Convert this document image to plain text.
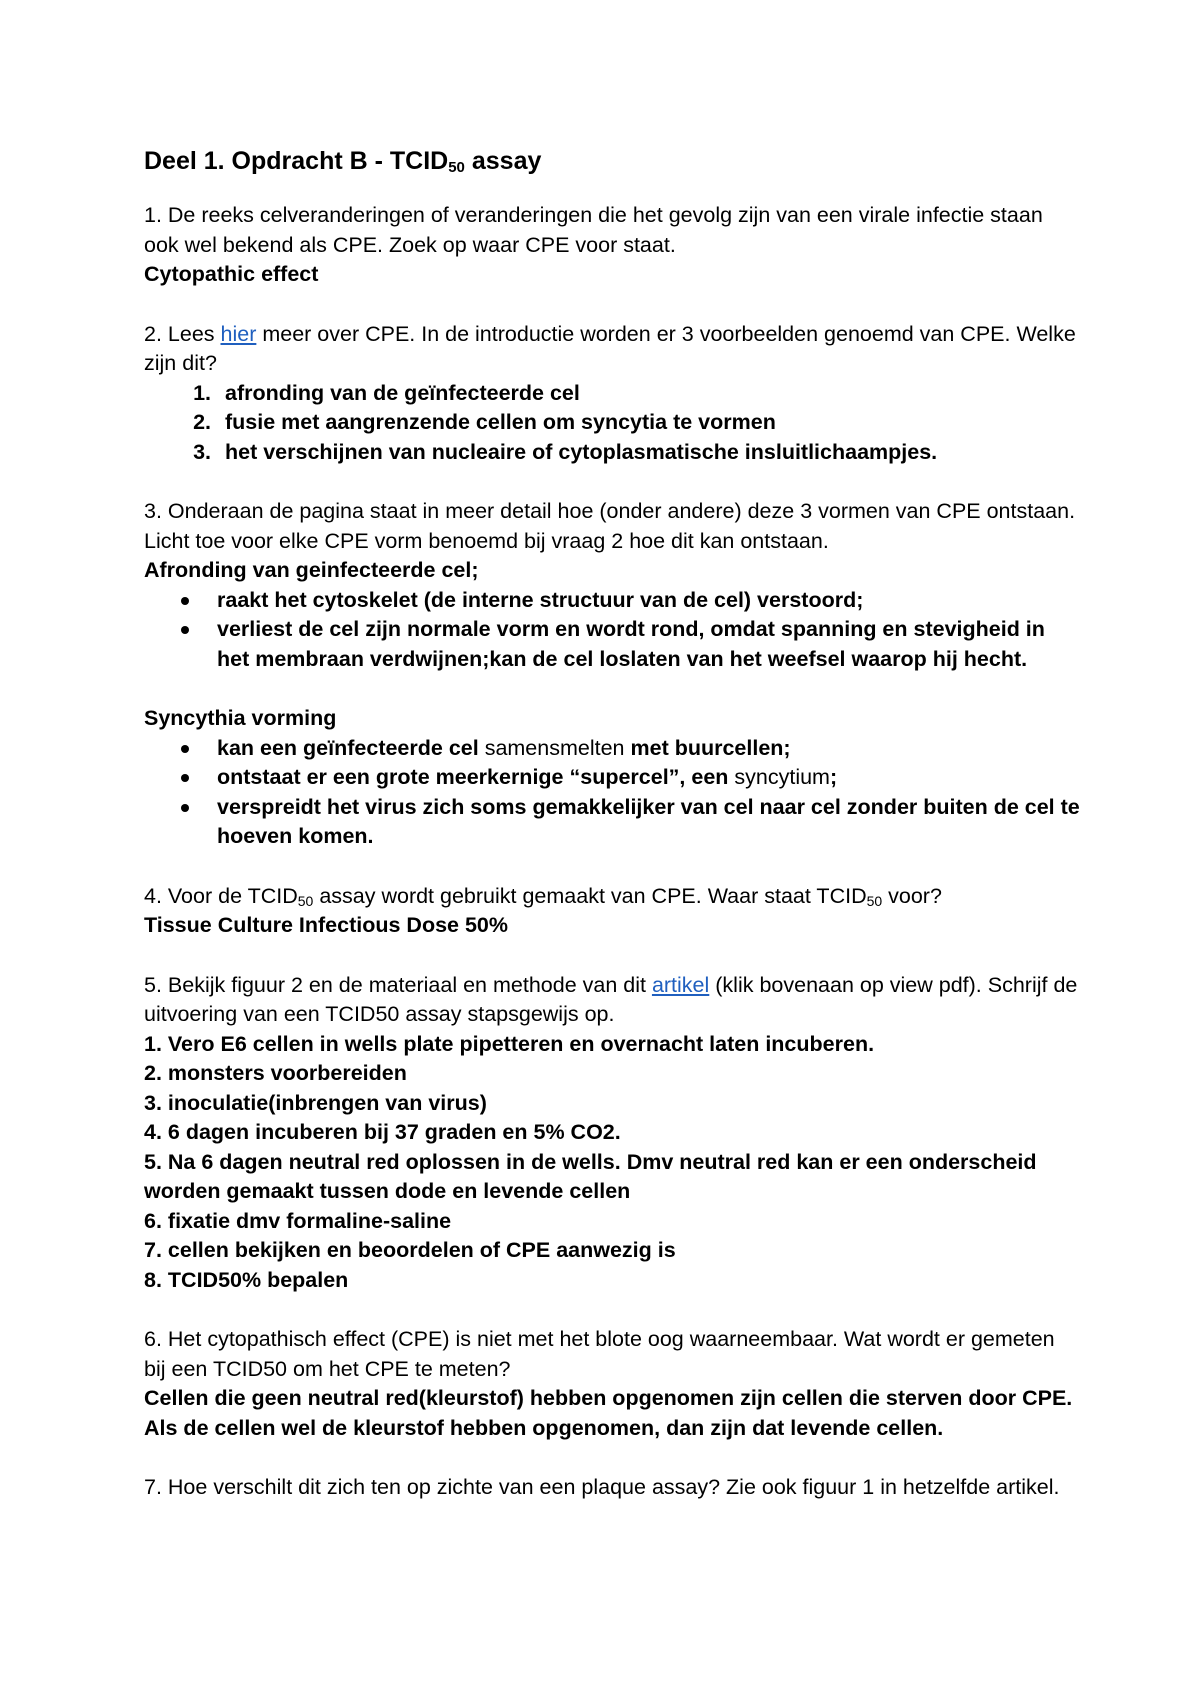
Deel 1. Opdracht B - $TCID_{50}$ assay

1. De reeks celveranderingen of veranderingen die het gevolg zijn van een virale infectie staan ook wel bekend als CPE. Zoek op waar CPE voor staat.

Cytopathic effect

2. Lees hier meer over CPE. In de introductie worden er 3 voorbeelden genoemd van CPE. Welke zijn dit?

1. afronding van de geïnfecteerde cel
2. fusie met aangrenzende cellen om syncytia te vormen
3. het verschijnen van nucleaire of cytoplasmatische insluitlichaampjes.

3. Onderaan de pagina staat in meer detail hoe (onder andere) deze 3 vormen van CPE ontstaan. Licht toe voor elke CPE vorm benoemd bij vraag 2 hoe dit kan ontstaan.

Afronding van geinfecteerde cel;

raakt het cytoskelet (de interne structuur van de cel) verstoord;
verliest de cel zijn normale vorm en wordt rond, omdat spanning en stevigheid in het membraan verdwijnen;kan de cel loslaten van het weefsel waarop hij hecht.

Syncythia vorming

kan een geïnfecteerde cel samensmelten met buurcellen;
ontstaat er een grote meerkernige “supercel”, een syncytium;
verspreidt het virus zich soms gemakkelijker van cel naar cel zonder buiten de cel te hoeven komen.

4. Voor de $TCID_{50}$ assay wordt gebruikt gemaakt van CPE. Waar staat $TCID_{50}$ voor?

Tissue Culture Infectious Dose 50%

5. Bekijk figuur 2 en de materiaal en methode van dit artikel (klik bovenaan op view pdf). Schrijf de uitvoering van een TCID50 assay stapsgewijs op.

1. Vero E6 cellen in wells plate pipetteren en overnacht laten incuberen.

2. monsters voorbereiden

3. inoculatie(inbrengen van virus)

4. 6 dagen incuberen bij 37 graden en 5% CO2.

5. Na 6 dagen neutral red oplossen in de wells. Dmv neutral red kan er een onderscheid worden gemaakt tussen dode en levende cellen

6. fixatie dmv formaline-saline

7. cellen bekijken en beoordelen of CPE aanwezig is

8. TCID50% bepalen

6. Het cytopathisch effect (CPE) is niet met het blote oog waarneembaar. Wat wordt er gemeten bij een TCID50 om het CPE te meten?

Cellen die geen neutral red(kleurstof) hebben opgenomen zijn cellen die sterven door CPE. Als de cellen wel de kleurstof hebben opgenomen, dan zijn dat levende cellen.

7. Hoe verschilt dit zich ten op zichte van een plaque assay? Zie ook figuur 1 in hetzelfde artikel.
